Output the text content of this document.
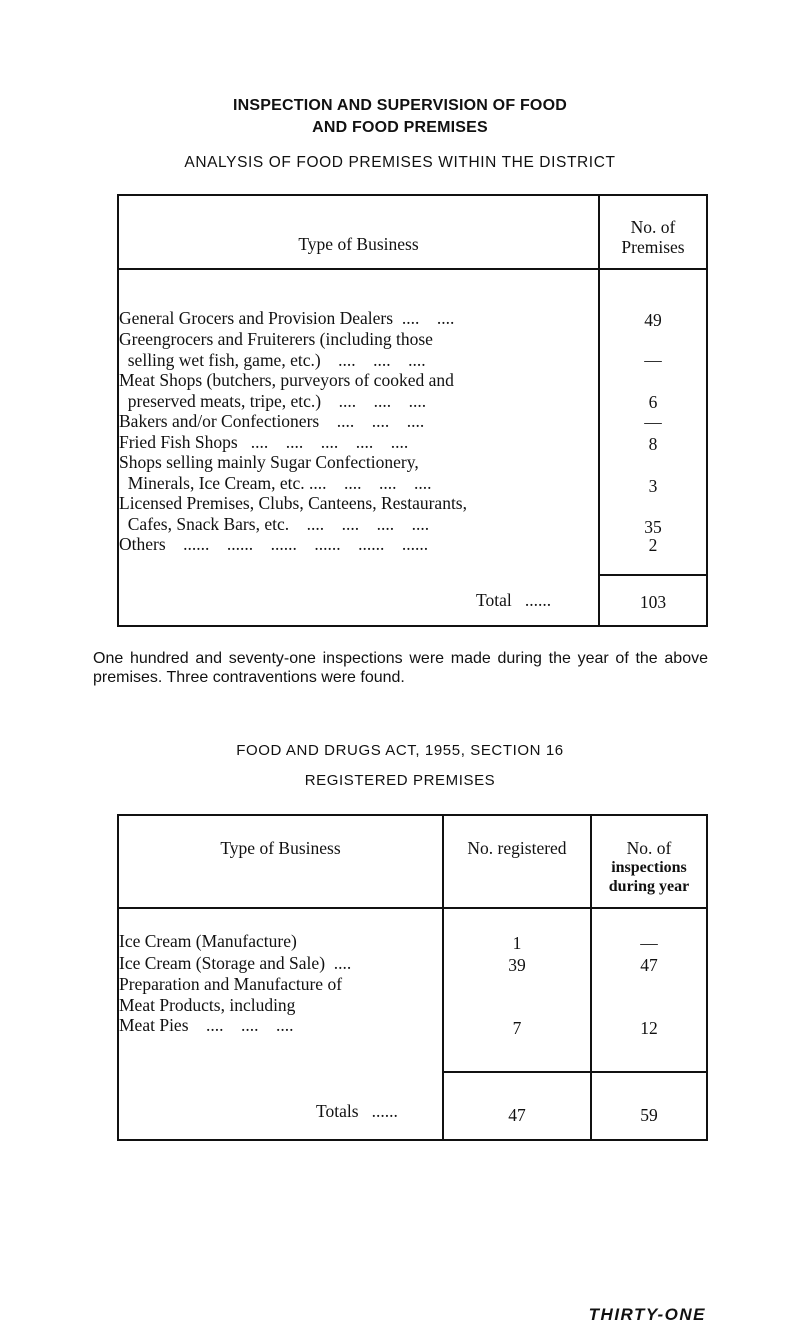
INSPECTION AND SUPERVISION OF FOOD
AND FOOD PREMISES
ANALYSIS OF FOOD PREMISES WITHIN THE DISTRICT
Type of Business
No. of
Premises
General Grocers and Provision Dealers  ....    ....	49
Greengrocers and Fruiterers (including those
selling wet fish, game, etc.)    ....    ....    ....	—
Meat Shops (butchers, purveyors of cooked and
preserved meats, tripe, etc.)    ....    ....    ....	6
Bakers and/or Confectioners    ....    ....    ....	—
Fried Fish Shops   ....    ....    ....    ....    ....	8
Shops selling mainly Sugar Confectionery,
Minerals, Ice Cream, etc. ....    ....    ....    ....	3
Licensed Premises, Clubs, Canteens, Restaurants,
Cafes, Snack Bars, etc.    ....    ....    ....    ....	35
Others    ......    ......    ......    ......    ......    ......	2
Total   ......	103
One hundred and seventy-one inspections were made during the year of the above premises. Three contraventions were found.
FOOD AND DRUGS ACT, 1955, SECTION 16
REGISTERED PREMISES
Type of Business	No. registered	No. of
inspections
during year
Ice Cream (Manufacture)	1	—
Ice Cream (Storage and Sale)  ....	39	47
Preparation and Manufacture of
Meat Products, including
Meat Pies    ....    ....    ....	7	12
Totals   ......	47	59
THIRTY-ONE
